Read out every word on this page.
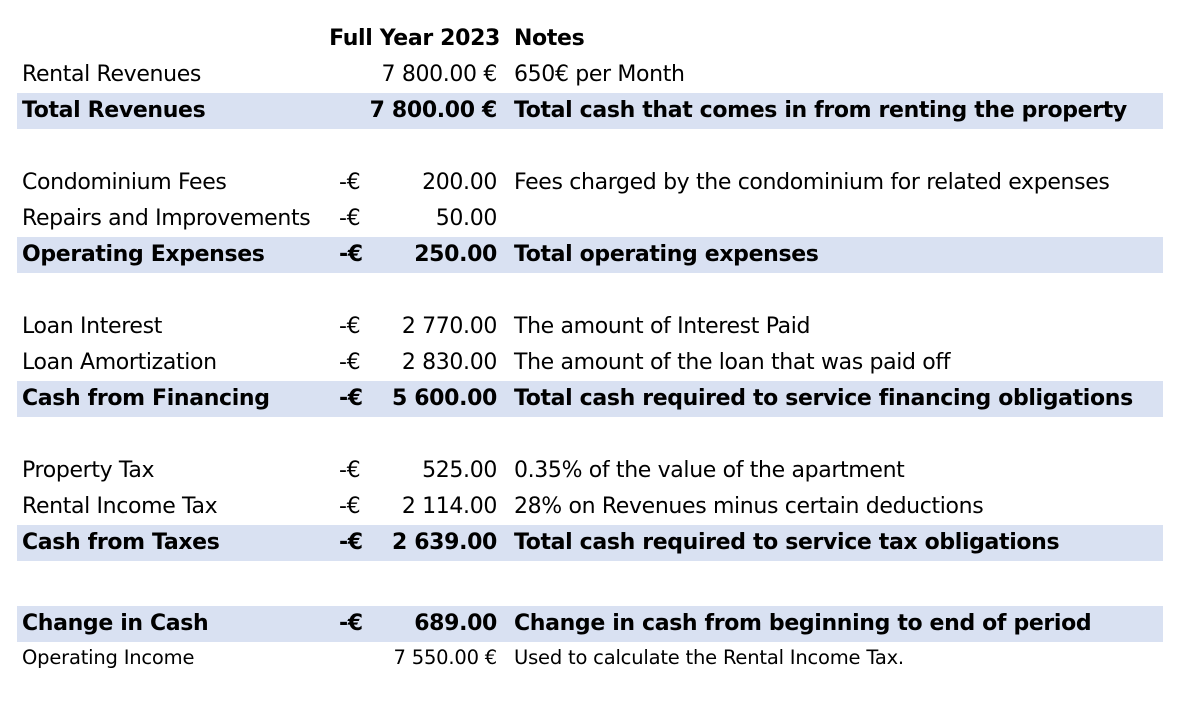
Full Year 2023 Notes
Rental Revenues	7 800.00 € 650€ per Month
Total Revenues	7 800.00 € Total cash that comes in from renting the property
Condominium Fees	-€	200.00 Fees charged by the condominium for related expenses
Repairs and Improvements	-€	50.00
Operating Expenses	-€	250.00 Total operating expenses
Loan Interest	-€	2 770.00 The amount of Interest Paid
Loan Amortization	-€	2 830.00 The amount of the loan that was paid off
Cash from Financing	-€	5 600.00 Total cash required to service financing obligations
Property Tax	-€	525.00 0.35% of the value of the apartment
Rental Income Tax	-€	2 114.00 28% on Revenues minus certain deductions
Cash from Taxes	-€	2 639.00 Total cash required to service tax obligations
Change in Cash	-€	689.00 Change in cash from beginning to end of period
Operating Income	7 550.00 € Used to calculate the Rental Income Tax.
